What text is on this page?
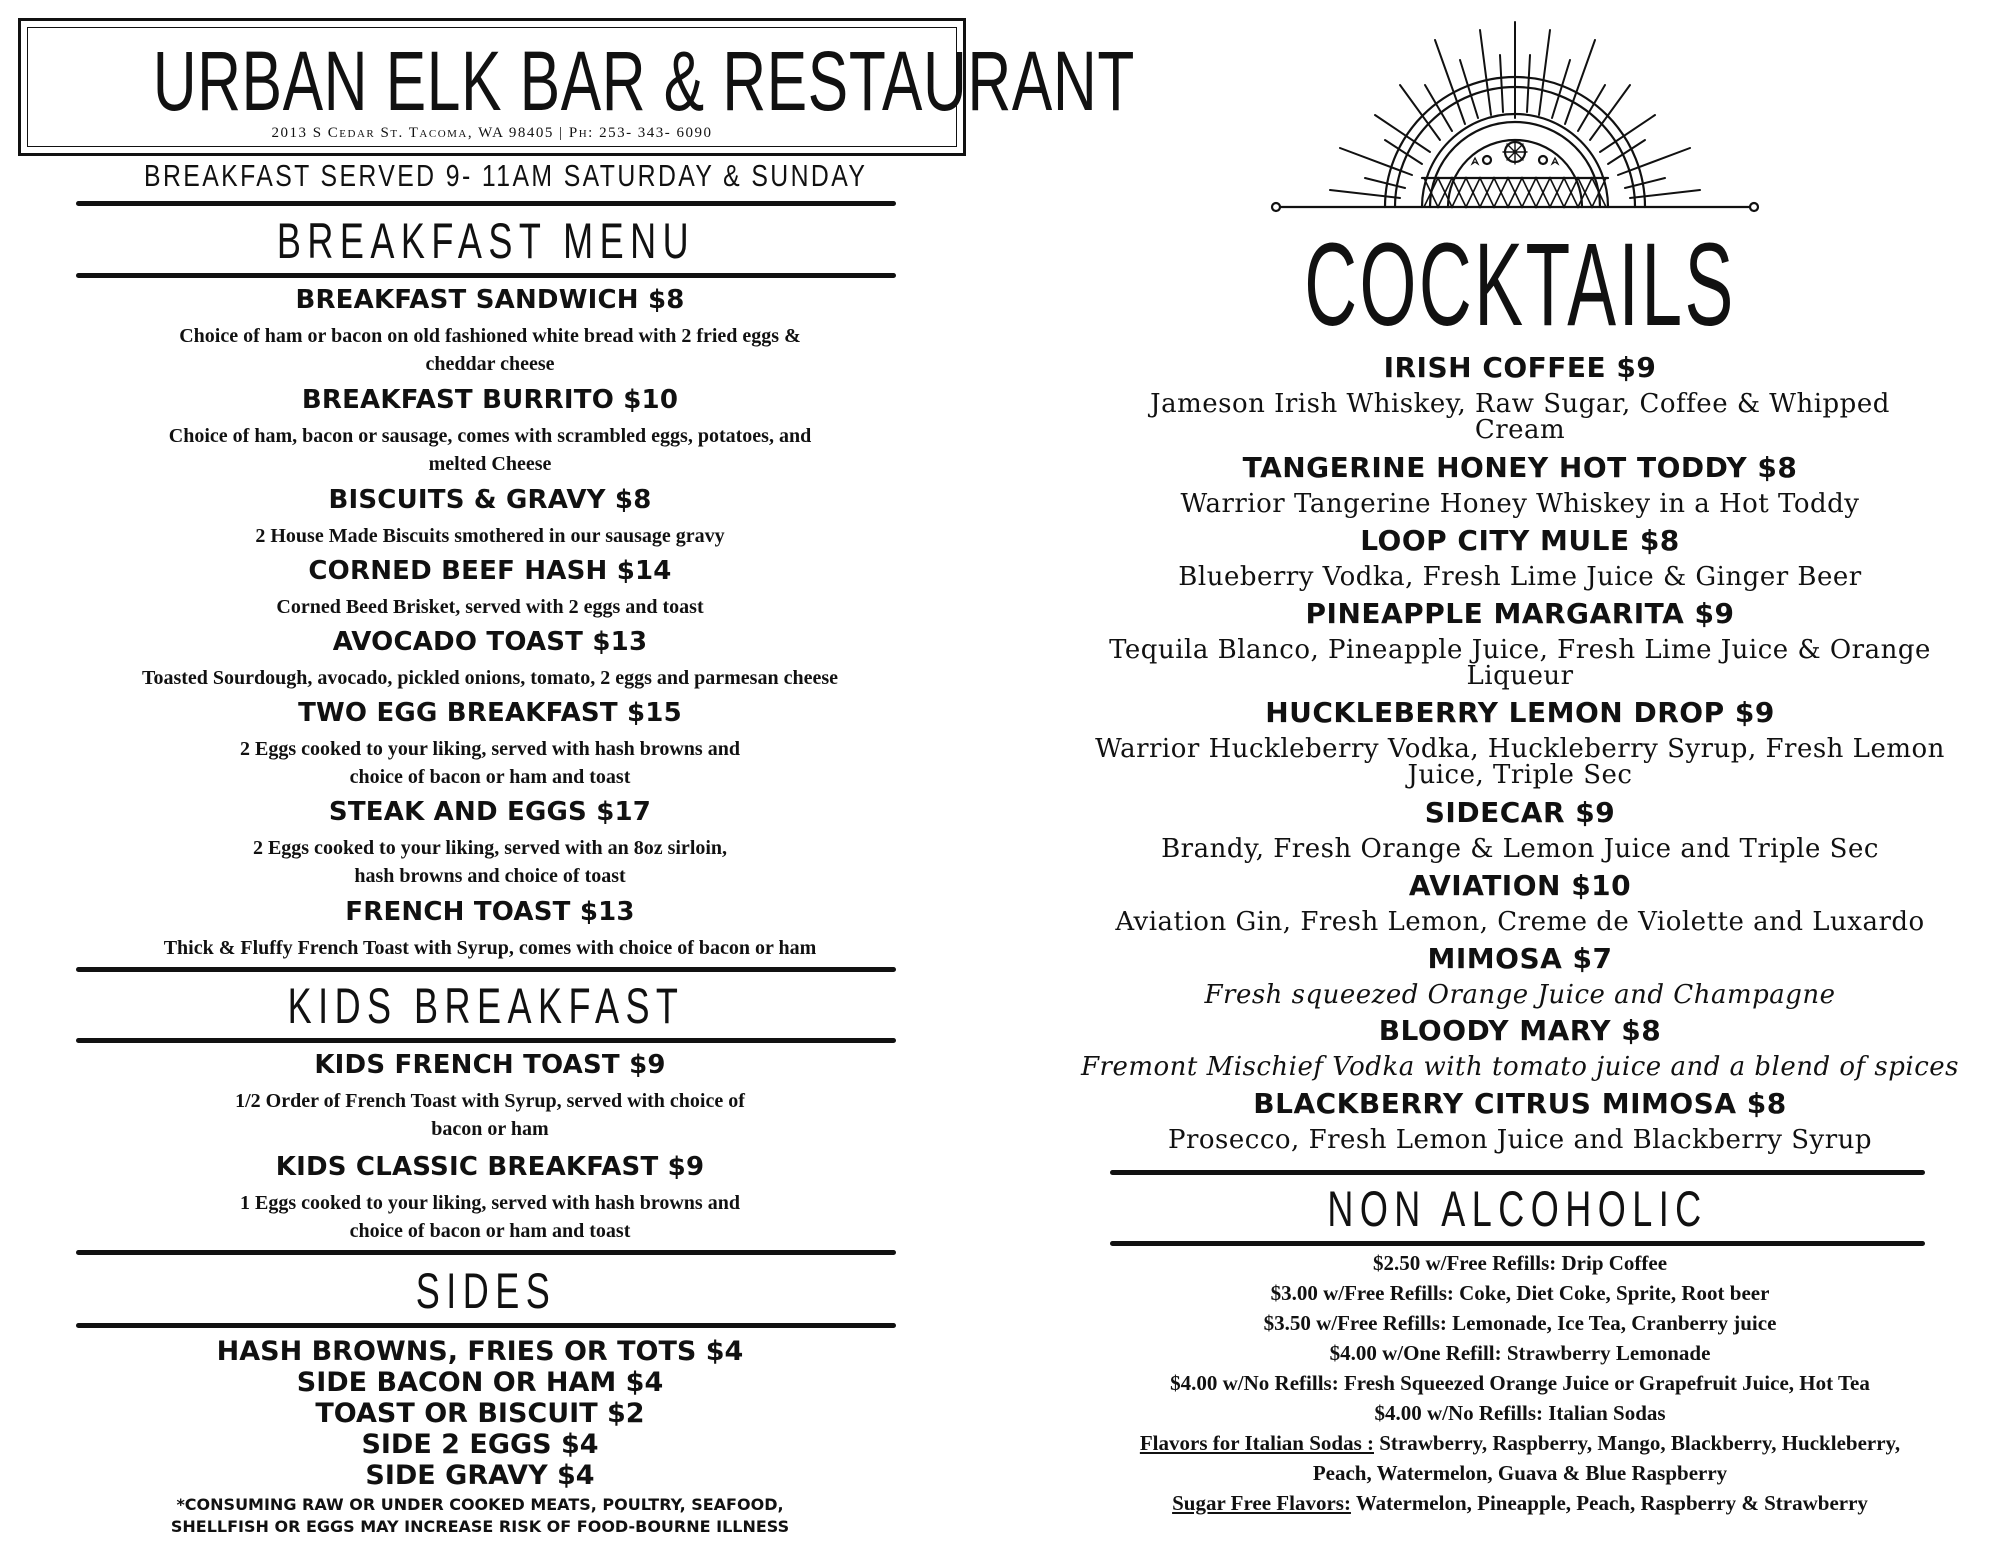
URBAN ELK BAR & RESTAURANT
2013 S Cedar St. Tacoma, WA 98405 | Ph: 253- 343- 6090
BREAKFAST SERVED 9- 11AM SATURDAY & SUNDAY
BREAKFAST MENU
BREAKFAST SANDWICH $8
Choice of ham or bacon on old fashioned white bread with 2 fried eggs &
cheddar cheese
BREAKFAST BURRITO $10
Choice of ham, bacon or sausage, comes with scrambled eggs, potatoes, and
melted Cheese
BISCUITS & GRAVY $8
2 House Made Biscuits smothered in our sausage gravy
CORNED BEEF HASH $14
Corned Beed Brisket, served with 2 eggs and toast
AVOCADO TOAST $13
Toasted Sourdough, avocado, pickled onions, tomato, 2 eggs and parmesan cheese
TWO EGG BREAKFAST $15
2 Eggs cooked to your liking, served with hash browns and
choice of bacon or ham and toast
STEAK AND EGGS $17
2 Eggs cooked to your liking, served with an 8oz sirloin,
hash browns and choice of toast
FRENCH TOAST $13
Thick & Fluffy French Toast with Syrup, comes with choice of bacon or ham
KIDS BREAKFAST
KIDS FRENCH TOAST $9
1/2 Order of French Toast with Syrup, served with choice of
bacon or ham
KIDS CLASSIC BREAKFAST $9
1 Eggs cooked to your liking, served with hash browns and
choice of bacon or ham and toast
SIDES
HASH BROWNS, FRIES OR TOTS $4
SIDE BACON OR HAM $4
TOAST OR BISCUIT $2
SIDE 2 EGGS $4
SIDE GRAVY $4
*CONSUMING RAW OR UNDER COOKED MEATS, POULTRY, SEAFOOD,
SHELLFISH OR EGGS MAY INCREASE RISK OF FOOD-BOURNE ILLNESS
COCKTAILS
IRISH COFFEE $9
Jameson Irish Whiskey, Raw Sugar, Coffee & Whipped
Cream
TANGERINE HONEY HOT TODDY $8
Warrior Tangerine Honey Whiskey in a Hot Toddy
LOOP CITY MULE $8
Blueberry Vodka, Fresh Lime Juice & Ginger Beer
PINEAPPLE MARGARITA $9
Tequila Blanco, Pineapple Juice, Fresh Lime Juice & Orange
Liqueur
HUCKLEBERRY LEMON DROP $9
Warrior Huckleberry Vodka, Huckleberry Syrup, Fresh Lemon
Juice, Triple Sec
SIDECAR $9
Brandy, Fresh Orange & Lemon Juice and Triple Sec
AVIATION $10
Aviation Gin, Fresh Lemon, Creme de Violette and Luxardo
MIMOSA $7
Fresh squeezed Orange Juice and Champagne
BLOODY MARY $8
Fremont Mischief Vodka with tomato juice and a blend of spices
BLACKBERRY CITRUS MIMOSA $8
Prosecco, Fresh Lemon Juice and Blackberry Syrup
NON ALCOHOLIC
$2.50 w/Free Refills: Drip Coffee
$3.00 w/Free Refills: Coke, Diet Coke, Sprite, Root beer
$3.50 w/Free Refills: Lemonade, Ice Tea, Cranberry juice
$4.00 w/One Refill: Strawberry Lemonade
$4.00 w/No Refills: Fresh Squeezed Orange Juice or Grapefruit Juice, Hot Tea
$4.00 w/No Refills: Italian Sodas
Flavors for Italian Sodas : Strawberry, Raspberry, Mango, Blackberry, Huckleberry,
Peach, Watermelon, Guava & Blue Raspberry
Sugar Free Flavors: Watermelon, Pineapple, Peach, Raspberry & Strawberry
